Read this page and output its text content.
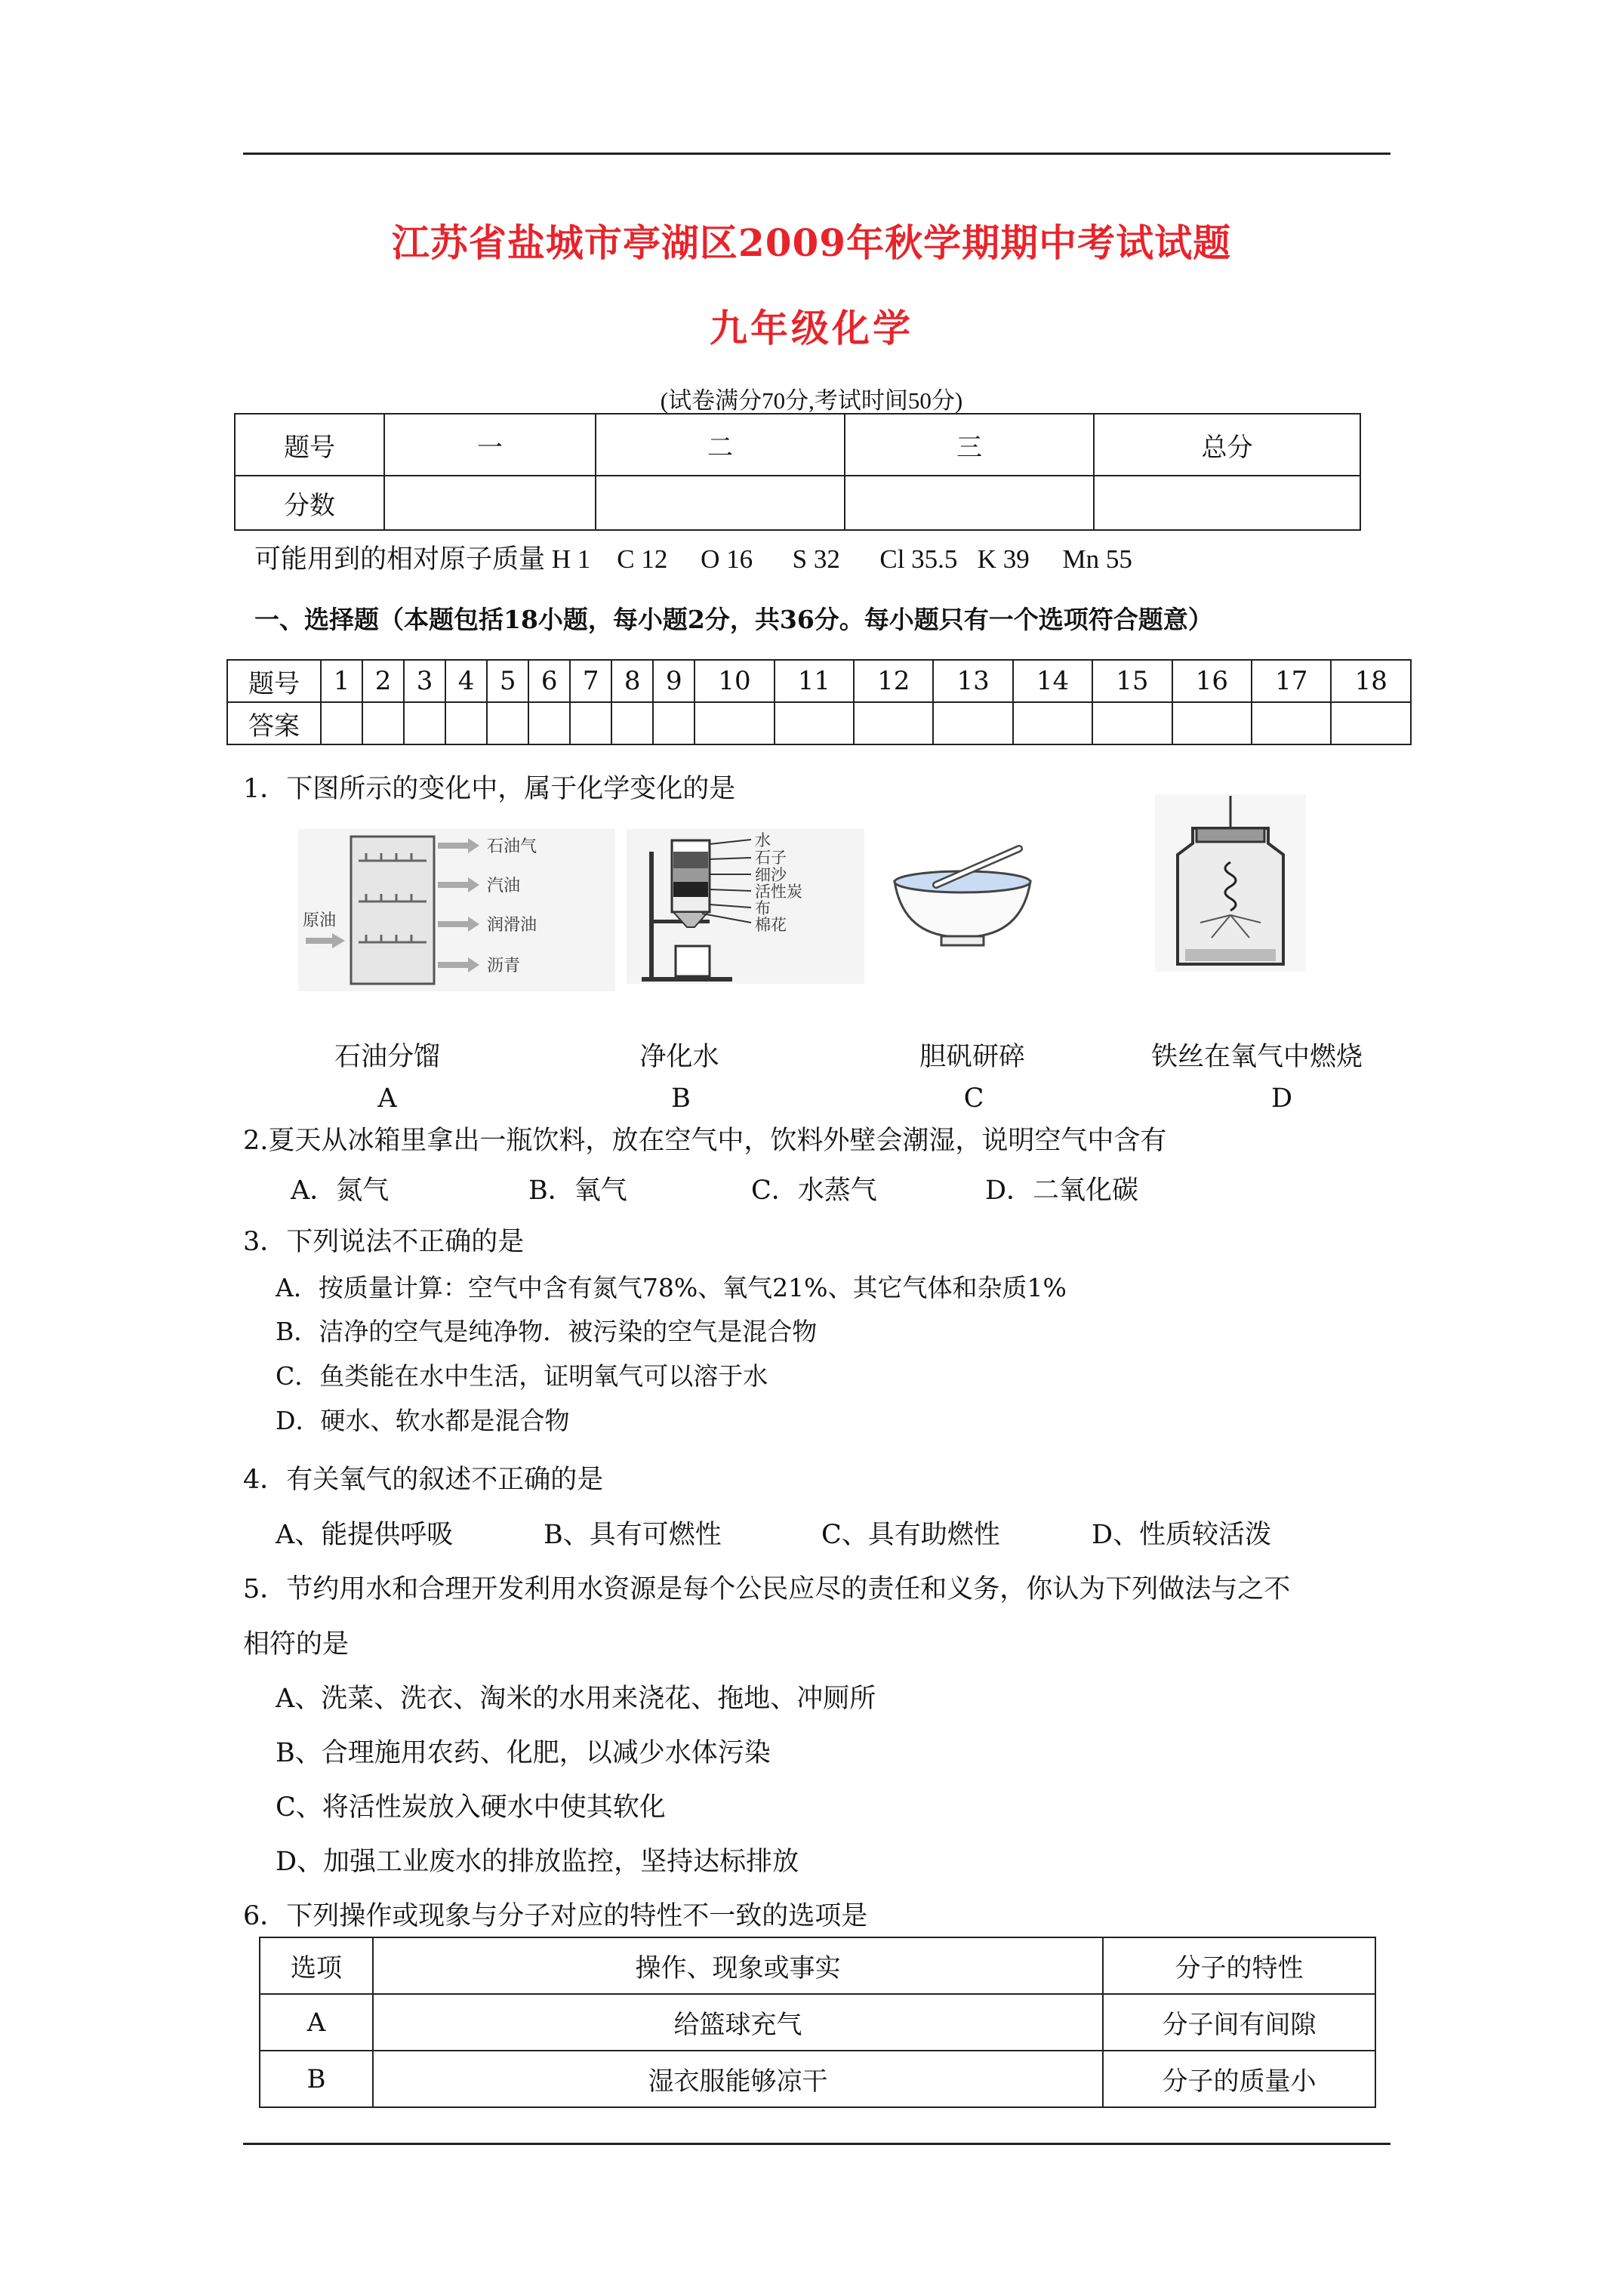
江苏省盐城市亭湖区2009年秋学期期中考试试题
九年级化学
(试卷满分70分,考试时间50分)
题号	一	二	三	总分
分数				
可能用到的相对原子质量 H 1    C 12     O 16      S 32      Cl 35.5   K 39     Mn 55
一、选择题（本题包括18小题，每小题2分，共36分。每小题只有一个选项符合题意）
题号	1	2	3	4	5	6	7	8	9	10	11	12	13	14	15	16	17	18
答案																		
1．下图所示的变化中，属于化学变化的是
石油气
汽油
润滑油
沥青
原油
水
石子
细沙
活性炭
布
棉花
石油分馏	净化水	胆矾研碎	铁丝在氧气中燃烧
A	B	C	D
2.夏天从冰箱里拿出一瓶饮料，放在空气中，饮料外壁会潮湿，说明空气中含有
A．氮气	B．氧气	C．水蒸气	D．二氧化碳
3．下列说法不正确的是
A．按质量计算：空气中含有氮气78%、氧气21%、其它气体和杂质1%
B．洁净的空气是纯净物．被污染的空气是混合物
C．鱼类能在水中生活，证明氧气可以溶于水
D．硬水、软水都是混合物
4．有关氧气的叙述不正确的是
A、能提供呼吸	B、具有可燃性	C、具有助燃性	D、性质较活泼
5．节约用水和合理开发利用水资源是每个公民应尽的责任和义务，你认为下列做法与之不
相符的是
A、洗菜、洗衣、淘米的水用来浇花、拖地、冲厕所
B、合理施用农药、化肥，以减少水体污染
C、将活性炭放入硬水中使其软化
D、加强工业废水的排放监控，坚持达标排放
6．下列操作或现象与分子对应的特性不一致的选项是
选项	操作、现象或事实	分子的特性
A	给篮球充气	分子间有间隙
B	湿衣服能够凉干	分子的质量小
